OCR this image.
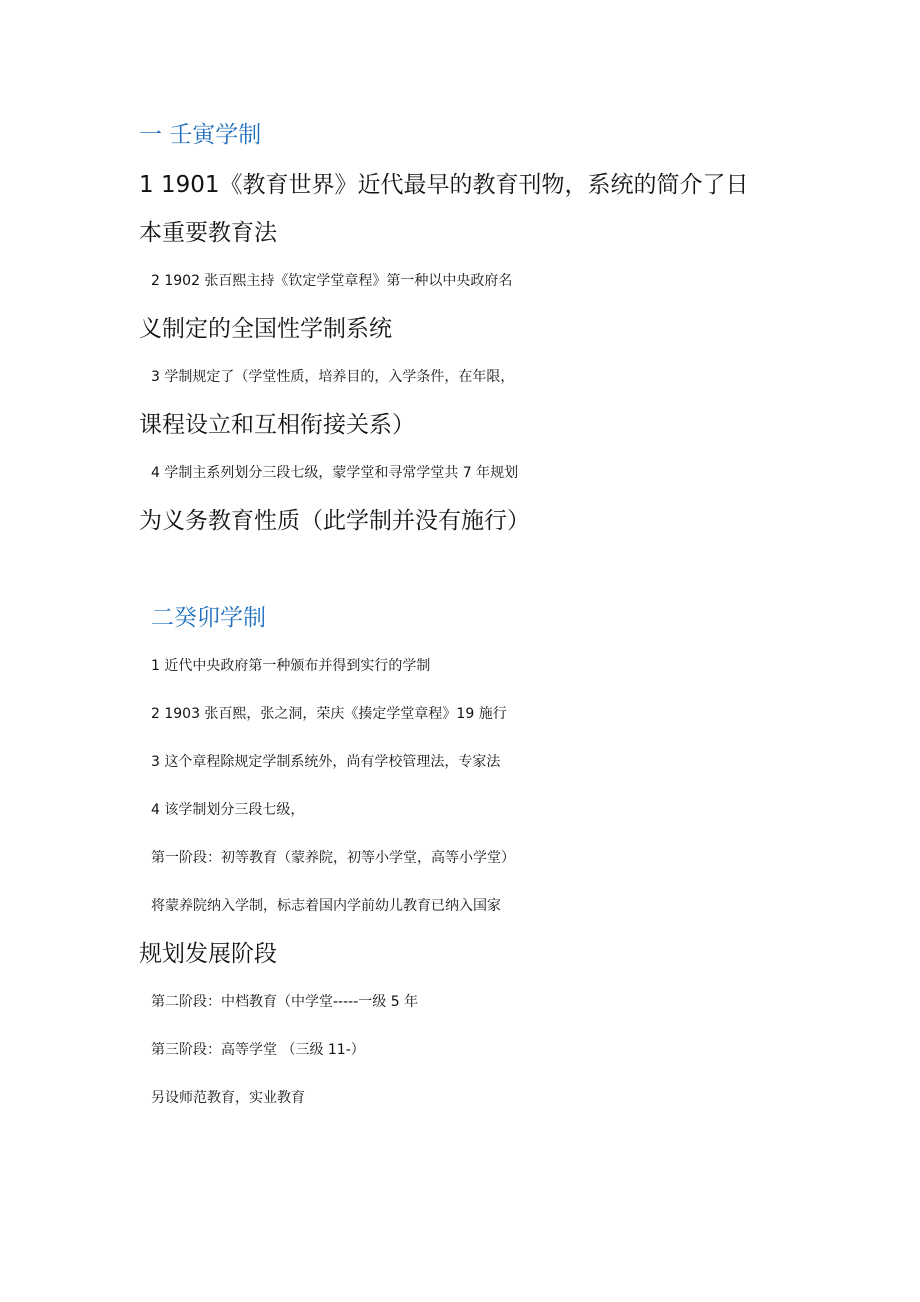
一 壬寅学制
1 1901《教育世界》近代最早的教育刊物，系统的简介了日
本重要教育法
2 1902 张百熙主持《钦定学堂章程》第一种以中央政府名
义制定的全国性学制系统
3 学制规定了（学堂性质，培养目的，入学条件，在年限，
课程设立和互相衔接关系）
4 学制主系列划分三段七级，蒙学堂和寻常学堂共 7 年规划
为义务教育性质（此学制并没有施行）
二癸卯学制
1 近代中央政府第一种颁布并得到实行的学制
2 1903 张百熙，张之洞，荣庆《揍定学堂章程》19 施行
3 这个章程除规定学制系统外，尚有学校管理法，专家法
4 该学制划分三段七级，
第一阶段：初等教育（蒙养院，初等小学堂，高等小学堂）
将蒙养院纳入学制，标志着国内学前幼儿教育已纳入国家
规划发展阶段
第二阶段：中档教育（中学堂-----一级 5 年
第三阶段：高等学堂 （三级 11-）
另设师范教育，实业教育
